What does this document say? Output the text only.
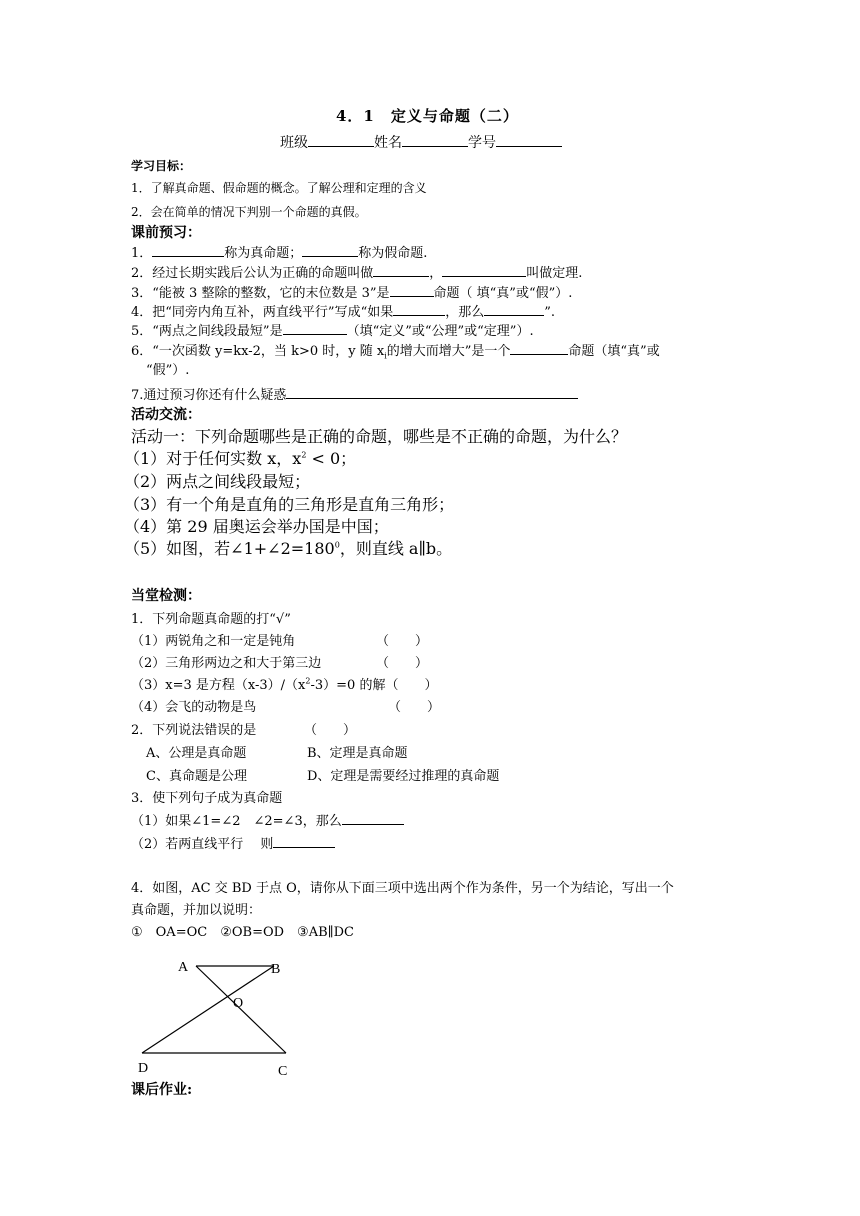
4．1　定义与命题（二）
班级	姓名	学号
学习目标：
1．了解真命题、假命题的概念。了解公理和定理的含义
2．会在简单的情况下判别一个命题的真假。
课前预习：
1．	称为真命题；	称为假命题.
2．经过长期实践后公认为正确的命题叫做	，	叫做定理.
3．“能被 3 整除的整数，它的末位数是 3”是	命题（ 填“真”或“假”）.
4．把“同旁内角互补，两直线平行”写成“如果	，那么	”.
5．“两点之间线段最短”是	（填“定义”或“公理”或“定理”）.
6．“一次函数 y=kx-2，当 k>0 时，y 随 $x_i$的增大而增大”是一个	命题（填“真”或
“假”）.
7.通过预习你还有什么疑惑
活动交流：
活动一：下列命题哪些是正确的命题，哪些是不正确的命题，为什么？
（1）对于任何实数 x，$x^2 < 0$；
（2）两点之间线段最短；
（3）有一个角是直角的三角形是直角三角形；
（4）第 29 届奥运会举办国是中国；
（5）如图，若$\angle 1+\angle 2=180^0$，则直线 a∥b。
当堂检测：
1．下列命题真命题的打“√”
（1）两锐角之和一定是钝角	（　　）
（2）三角形两边之和大于第三边	（　　）
（3）x=3 是方程$(x-3)/(x^2-3)=0$ 的解（　　）
（4）会飞的动物是鸟	（　　）
2．下列说法错误的是	（　　）
A、公理是真命题	B、定理是真命题
C、真命题是公理	D、定理是需要经过推理的真命题
3．使下列句子成为真命题
（1）如果∠1=∠2　∠2=∠3，那么
（2）若两直线平行　 则
4．如图，AC 交 BD 于点 O，请你从下面三项中选出两个作为条件，另一个为结论，写出一个
真命题，并加以说明：
①　OA=OC　②OB=OD　③AB∥DC
A	B
O
D	C
课后作业:
